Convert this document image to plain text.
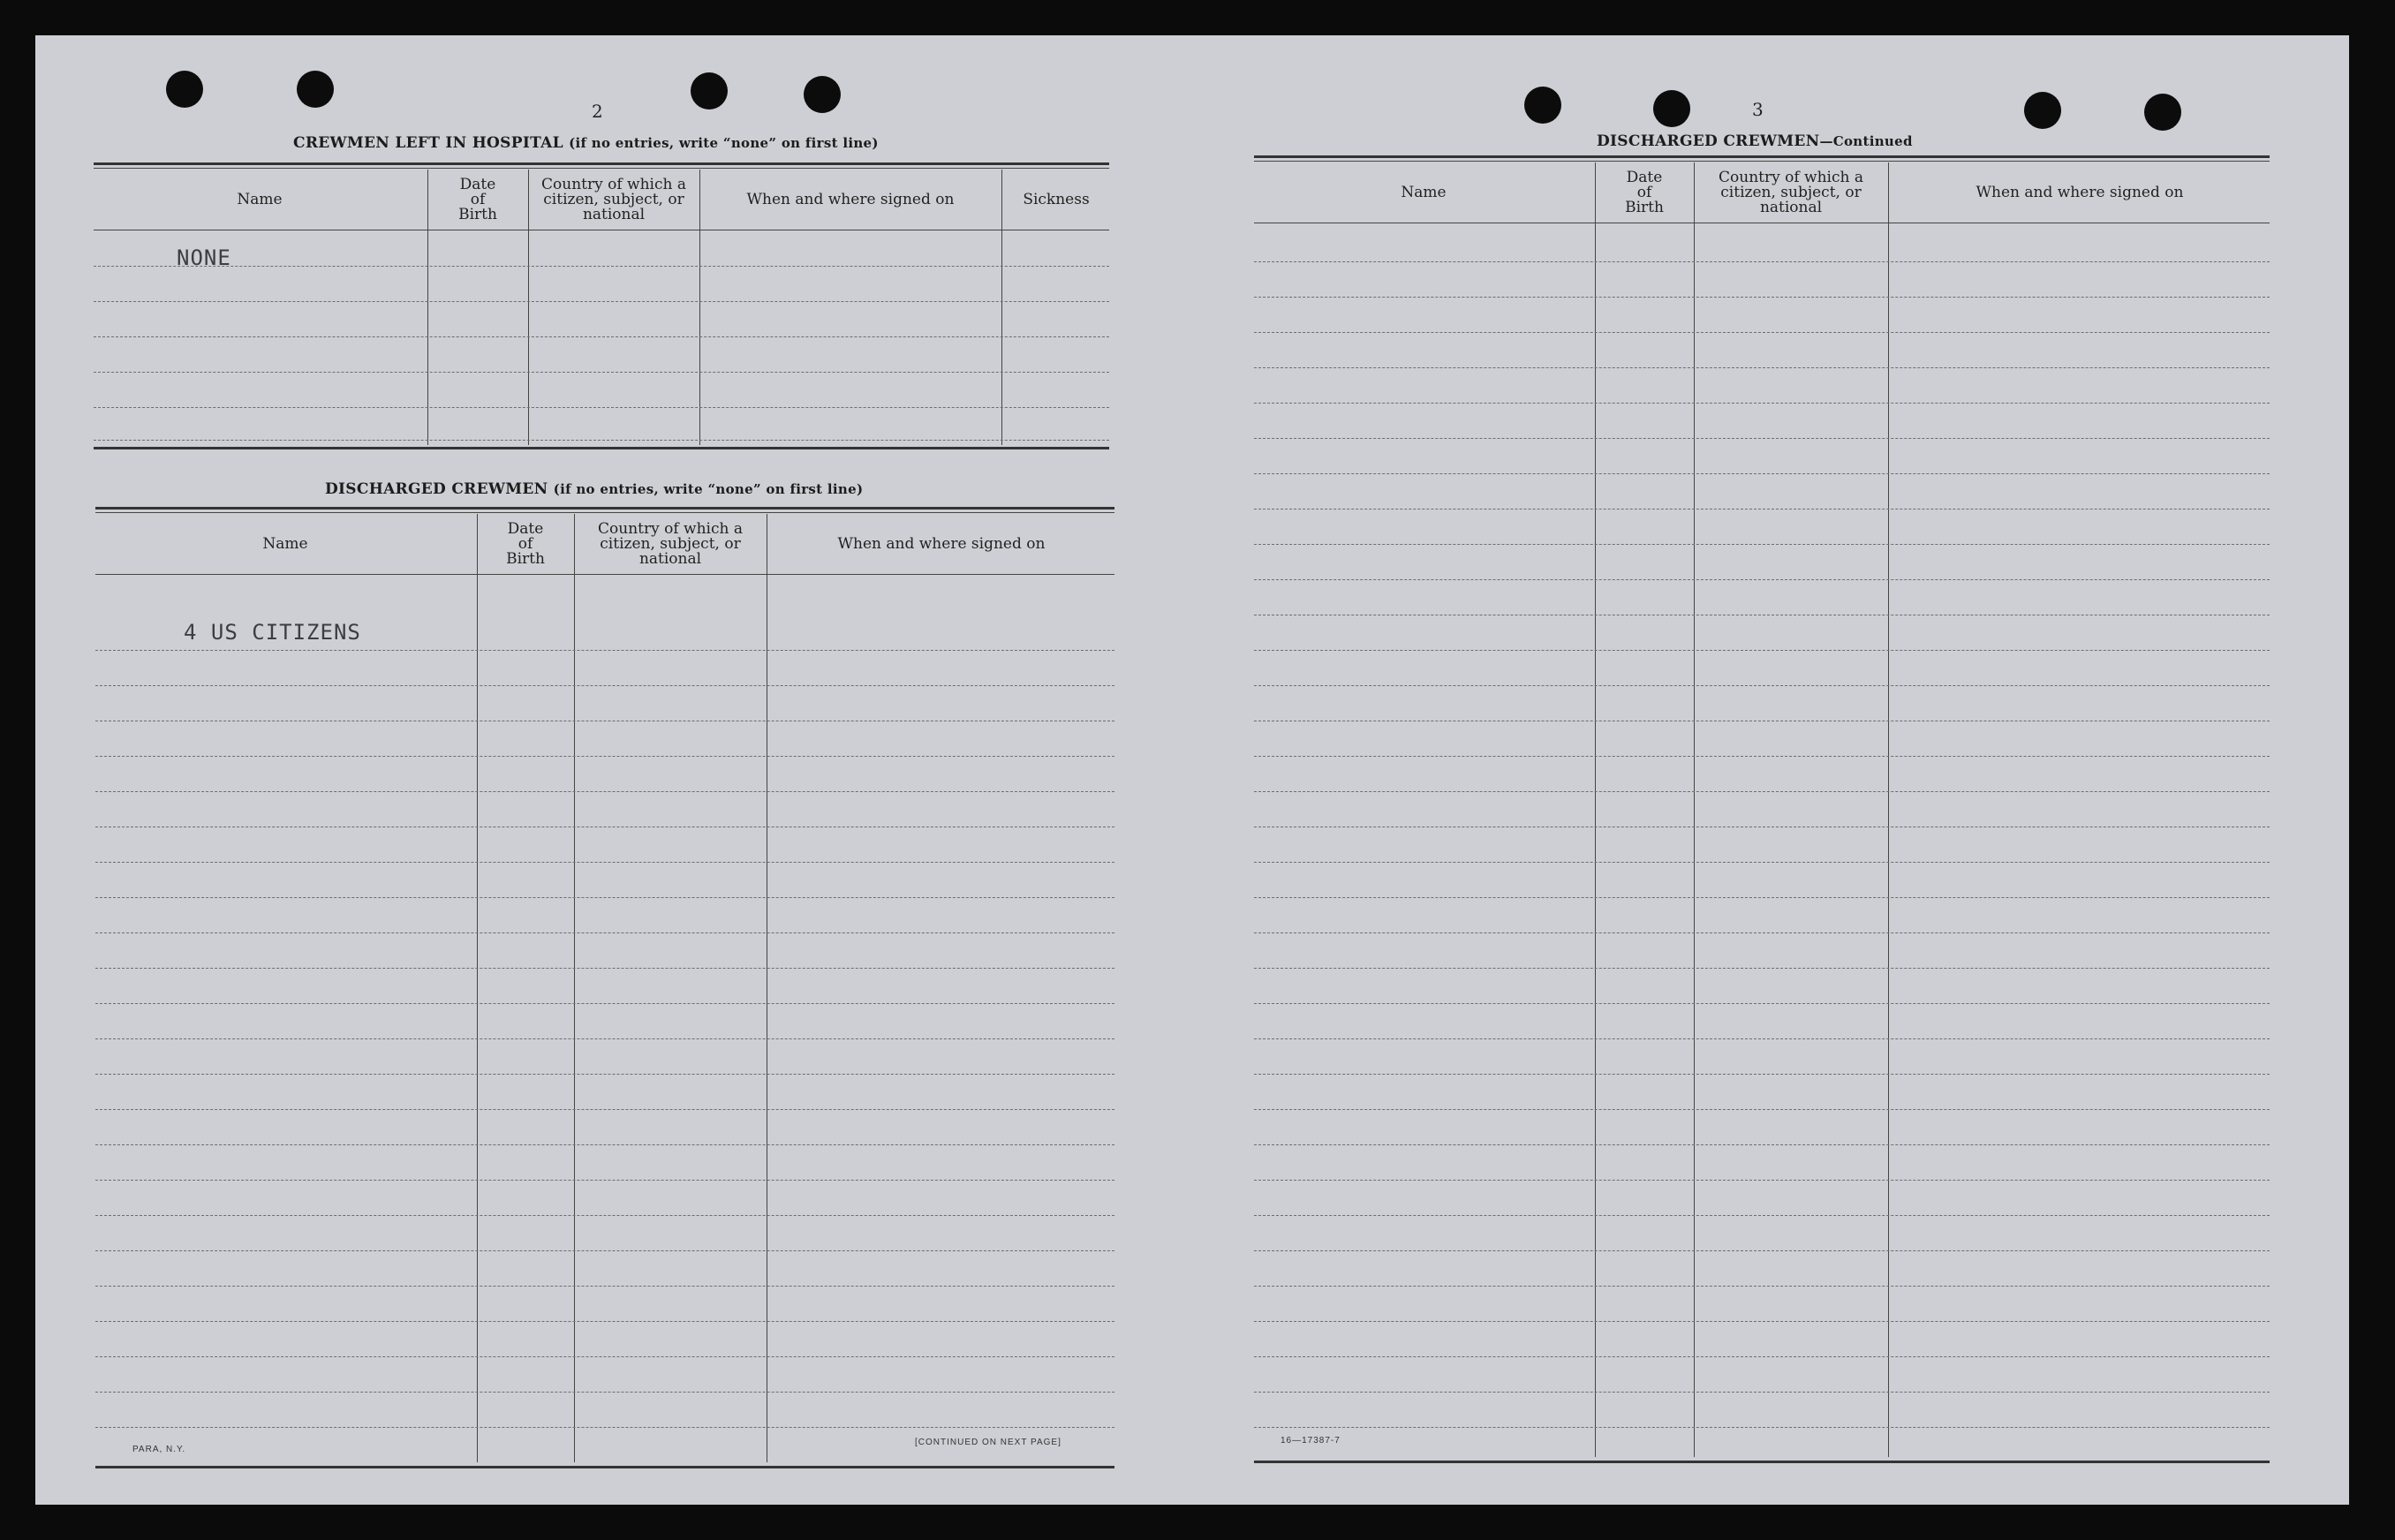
2
CREWMEN LEFT IN HOSPITAL (if no entries, write “none” on first line)
Name
Date of Birth
Country of which a citizen, subject, or national
When and where signed on	Sickness
NONE
DISCHARGED CREWMEN (if no entries, write “none” on first line)
Name
Date of Birth
Country of which a citizen, subject, or national
When and where signed on
4 US CITIZENS
PARA, N.Y.
[CONTINUED ON NEXT PAGE]
3
DISCHARGED CREWMEN—Continued
Name
Date of Birth
Country of which a citizen, subject, or national
When and where signed on
16—17387-7
